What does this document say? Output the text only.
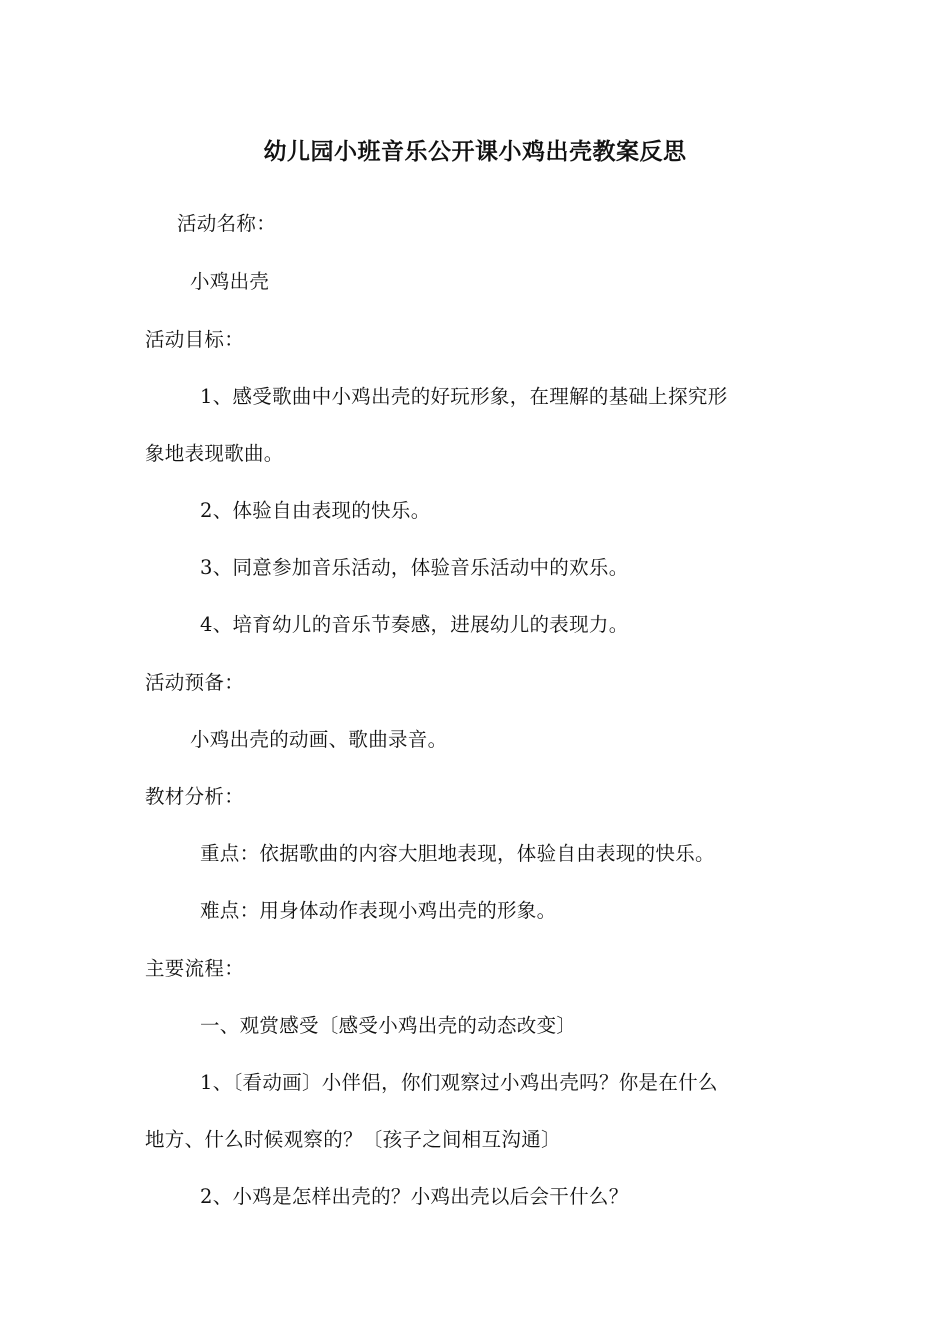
幼儿园小班音乐公开课小鸡出壳教案反思
活动名称：
小鸡出壳
活动目标：
1、感受歌曲中小鸡出壳的好玩形象，在理解的基础上探究形
象地表现歌曲。
2、体验自由表现的快乐。
3、同意参加音乐活动，体验音乐活动中的欢乐。
4、培育幼儿的音乐节奏感，进展幼儿的表现力。
活动预备：
小鸡出壳的动画、歌曲录音。
教材分析：
重点：依据歌曲的内容大胆地表现，体验自由表现的快乐。
难点：用身体动作表现小鸡出壳的形象。
主要流程：
一、观赏感受〔感受小鸡出壳的动态改变〕
1、〔看动画〕小伴侣，你们观察过小鸡出壳吗？你是在什么
地方、什么时候观察的？〔孩子之间相互沟通〕
2、小鸡是怎样出壳的？小鸡出壳以后会干什么？
